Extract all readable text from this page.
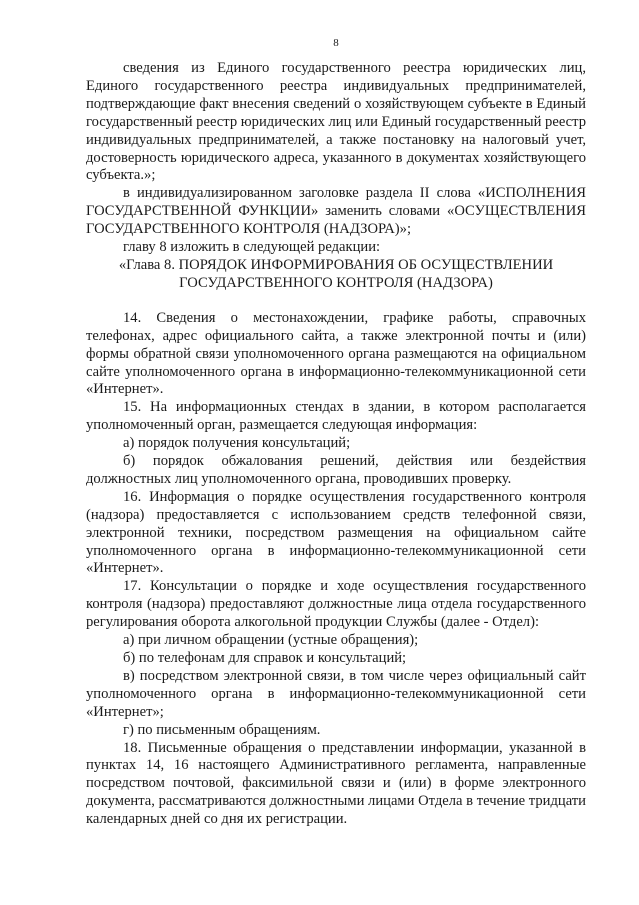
8

сведения из Единого государственного реестра юридических лиц, Единого государственного реестра индивидуальных предпринимателей, подтверждающие факт внесения сведений о хозяйствующем субъекте в Единый государственный реестр юридических лиц или Единый государственный реестр индивидуальных предпринимателей, а также постановку на налоговый учет, достоверность юридического адреса, указанного в документах хозяйствующего субъекта.»;

в индивидуализированном заголовке раздела II слова «ИСПОЛНЕНИЯ ГОСУДАРСТВЕННОЙ ФУНКЦИИ» заменить словами «ОСУЩЕСТВЛЕНИЯ ГОСУДАРСТВЕННОГО КОНТРОЛЯ (НАДЗОРА)»;

главу 8 изложить в следующей редакции:

«Глава 8. ПОРЯДОК ИНФОРМИРОВАНИЯ ОБ ОСУЩЕСТВЛЕНИИ

ГОСУДАРСТВЕННОГО КОНТРОЛЯ (НАДЗОРА)

14. Сведения о местонахождении, графике работы, справочных телефонах, адрес официального сайта, а также электронной почты и (или) формы обратной связи уполномоченного органа размещаются на официальном сайте уполномоченного органа в информационно-телекоммуникационной сети «Интернет».

15. На информационных стендах в здании, в котором располагается уполномоченный орган, размещается следующая информация:

а) порядок получения консультаций;

б) порядок обжалования решений, действия или бездействия должностных лиц уполномоченного органа, проводивших проверку.

16. Информация о порядке осуществления государственного контроля (надзора) предоставляется с использованием средств телефонной связи, электронной техники, посредством размещения на официальном сайте уполномоченного органа в информационно-телекоммуникационной сети «Интернет».

17. Консультации о порядке и ходе осуществления государственного контроля (надзора) предоставляют должностные лица отдела государственного регулирования оборота алкогольной продукции Службы (далее - Отдел):

а) при личном обращении (устные обращения);

б) по телефонам для справок и консультаций;

в) посредством электронной связи, в том числе через официальный сайт уполномоченного органа в информационно-телекоммуникационной сети «Интернет»;

г) по письменным обращениям.

18. Письменные обращения о представлении информации, указанной в пунктах 14, 16 настоящего Административного регламента, направленные посредством почтовой, факсимильной связи и (или) в форме электронного документа, рассматриваются должностными лицами Отдела в течение тридцати календарных дней со дня их регистрации.
